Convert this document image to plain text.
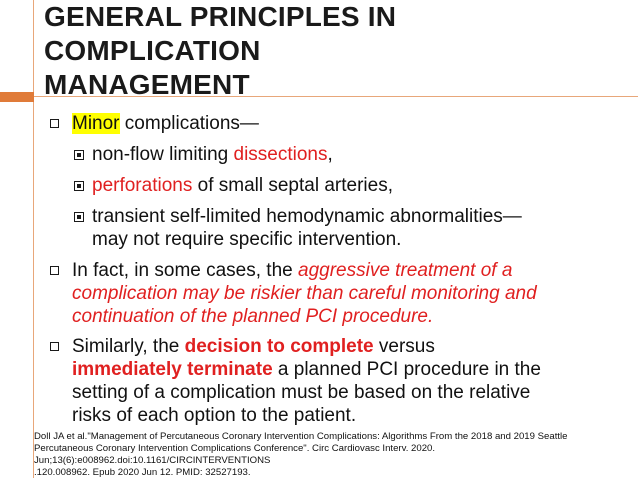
GENERAL PRINCIPLES IN
COMPLICATION
MANAGEMENT
Minor complications—
non-flow limiting dissections,
perforations of small septal arteries,
transient self-limited hemodynamic abnormalities—
may not require specific intervention.
In fact, in some cases, the aggressive treatment of a
complication may be riskier than careful monitoring and
continuation of the planned PCI procedure.
Similarly, the decision to complete versus
immediately terminate a planned PCI procedure in the
setting of a complication must be based on the relative
risks of each option to the patient.
Doll JA et al."Management of Percutaneous Coronary Intervention Complications: Algorithms From the 2018 and 2019 Seattle
Percutaneous Coronary Intervention Complications Conference". Circ Cardiovasc Interv. 2020.
Jun;13(6):e008962.doi:10.1161/CIRCINTERVENTIONS
.120.008962. Epub 2020 Jun 12. PMID: 32527193.
